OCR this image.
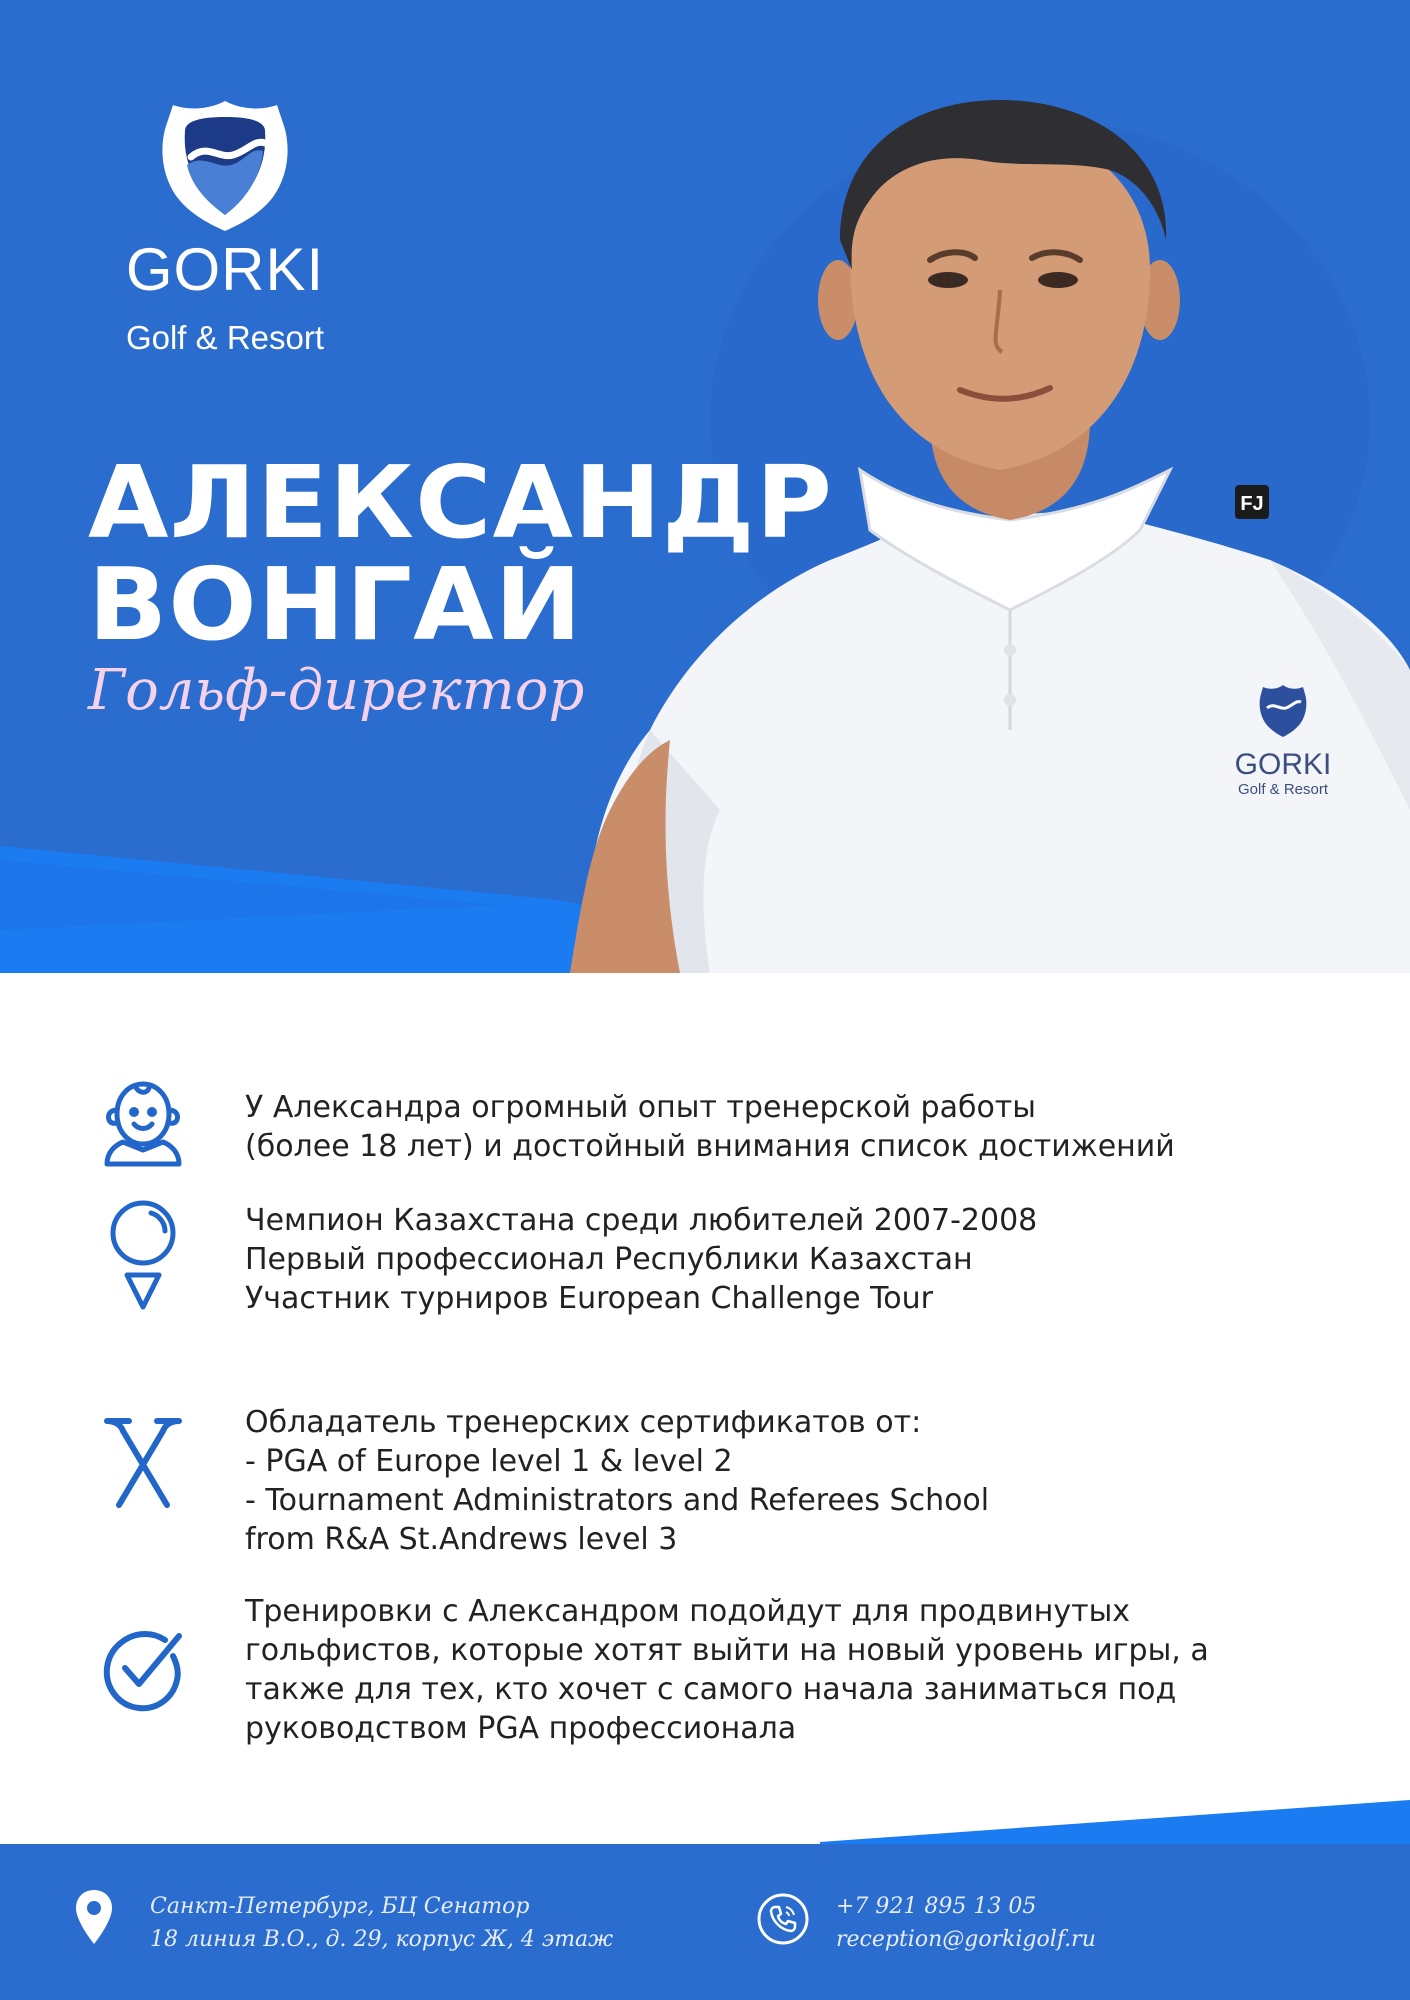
GORKI
Golf & Resort
FJ
GORKI
Golf & Resort
АЛЕКСАНДР
ВОНГАЙ
Гольф-директор
У Александра огромный опыт тренерской работы
(более 18 лет) и достойный внимания список достижений
Чемпион Казахстана среди любителей 2007-2008
Первый профессионал Республики Казахстан
Участник турниров European Challenge Tour
Обладатель тренерских сертификатов от:
- PGA of Europe level 1 & level 2
- Tournament Administrators and Referees School
from R&A St.Andrews level 3
Тренировки с Александром подойдут для продвинутых
гольфистов, которые хотят выйти на новый уровень игры, а
также для тех, кто хочет с самого начала заниматься под
руководством PGA профессионала
Санкт-Петербург, БЦ Сенатор
18 линия В.О., д. 29, корпус Ж, 4 этаж
+7 921 895 13 05
reception@gorkigolf.ru
